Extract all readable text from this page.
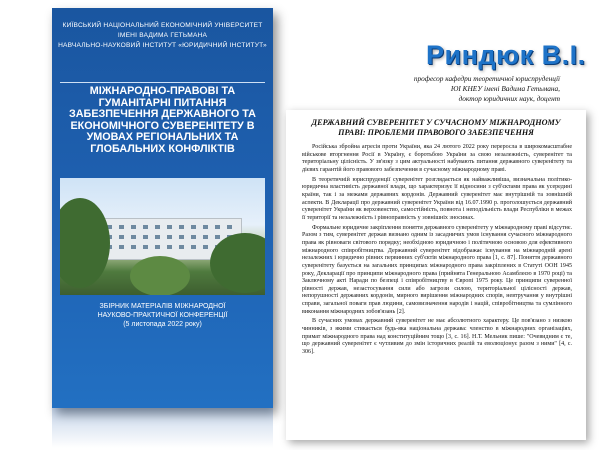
КИЇВСЬКИЙ НАЦІОНАЛЬНИЙ ЕКОНОМІЧНИЙ УНІВЕРСИТЕТ
ІМЕНІ ВАДИМА ГЕТЬМАНА
НАВЧАЛЬНО-НАУКОВИЙ ІНСТИТУТ «ЮРИДИЧНИЙ ІНСТИТУТ»
МІЖНАРОДНО-ПРАВОВІ ТА ГУМАНІТАРНІ ПИТАННЯ ЗАБЕЗПЕЧЕННЯ ДЕРЖАВНОГО ТА ЕКОНОМІЧНОГО СУВЕРЕНІТЕТУ В УМОВАХ РЕГІОНАЛЬНИХ ТА ГЛОБАЛЬНИХ КОНФЛІКТІВ
ЗБІРНИК МАТЕРІАЛІВ МІЖНАРОДНОЇ
НАУКОВО-ПРАКТИЧНОЇ КОНФЕРЕНЦІЇ
(5 листопада 2022 року)
Риндюк В.І.
професор кафедри теоретичної юриспруденції
ЮІ КНЕУ імені Вадима Гетьмана,
доктор юридичних наук, доцент
ДЕРЖАВНИЙ СУВЕРЕНІТЕТ У СУЧАСНОМУ МІЖНАРОДНОМУ ПРАВІ: ПРОБЛЕМИ ПРАВОВОГО ЗАБЕЗПЕЧЕННЯ

Російська збройна агресія проти України, яка 24 лютого 2022 року переросла в широкомасштабне військове вторгнення Росії в Україну, є боротьбою України за свою незалежність, суверенітет та територіальну цілісність. У зв'язку з цим актуальності набувають питання державного суверенітету та дієвих гарантій його правового забезпечення в сучасному міжнародному праві.

В теоретичній юриспруденції суверенітет розглядається як найважливіша, визначальна політико-юридична властивість державної влади, що характеризує її відносини з суб'єктами права як усередині країни, так і за межами державних кордонів. Державний суверенітет має внутрішній та зовнішній аспекти. В Декларації про державний суверенітет України від 16.07.1990 р. проголошується державний суверенітет України як верховенство, самостійність, повнота і неподільність влади Республіки в межах її території та незалежність і рівноправність у зовнішніх зносинах.

Формальне юридичне закріплення поняття державного суверенітету у міжнародному праві відсутнє. Разом з тим, суверенітет держав визнано одним із засадничих умов існування сучасного міжнародного права як рівноваги світового порядку; необхідною юридичною і політичною основою для ефективного міжнародного співробітництва. Державний суверенітет відображає існування на міжнародній арені незалежних і юридично рівних первинних суб'єктів міжнародного права [1, с. 87]. Поняття державного суверенітету базується на загальних принципах міжнародного права закріплених в Статуті ООН 1945 року, Декларації про принципи міжнародного права (прийнята Генеральною Асамблеєю в 1970 році) та Заключному акті Наради по безпеці і співробітництву в Європі 1975 року. Це принципи суверенної рівності держав, незастосування сили або загрози силою, територіальної цілісності держав, непорушності державних кордонів, мирного вирішення міжнародних спорів, невтручання у внутрішні справи, загальної поваги прав людини, самовизначення народів і націй, співробітництва та сумлінного виконання міжнародних зобов'язань [2].

В сучасних умовах державний суверенітет не має абсолютного характеру. Це пов'язано з низкою чинників, з якими стикається будь-яка національна держава: членство в міжнародних організаціях, примат міжнародного права над конституційним тощо [3, с. 16]. Н.Т. Мельник пише: "Очевидним є те, що державний суверенітет є чутливим до змін історичних реалій та еволюціонує разом з ними" [4, с. 306].
